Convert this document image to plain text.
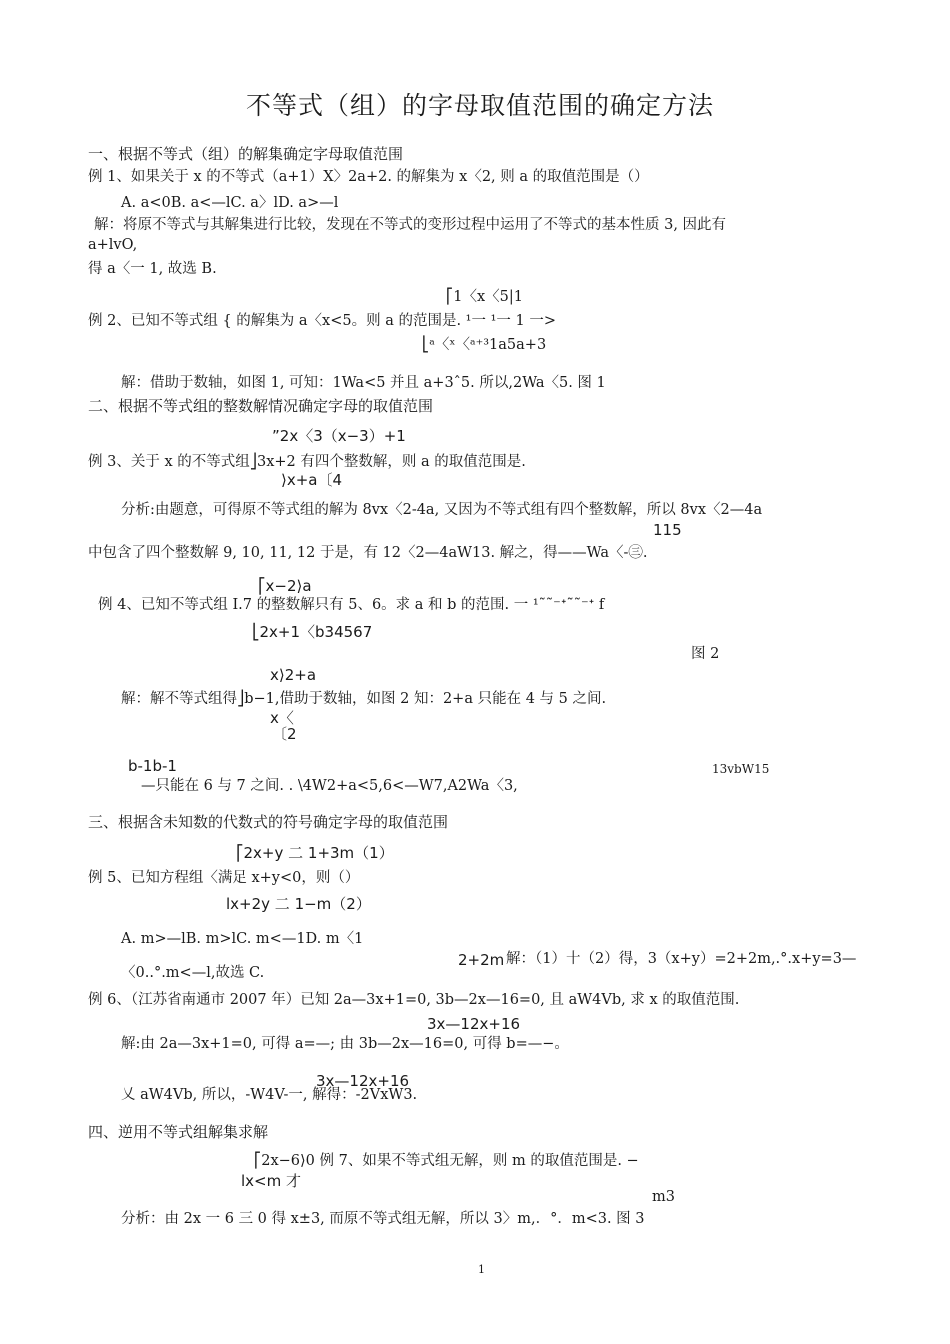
不等式（组）的字母取值范围的确定方法
一、根据不等式（组）的解集确定字母取值范围
例 1、如果关于 x 的不等式（a+1）X〉2a+2. 的解集为 x〈2, 则 a 的取值范围是（）
A. a<0B. a<—lC. a〉lD. a>—l
解：将原不等式与其解集进行比较，发现在不等式的变形过程中运用了不等式的基本性质 3, 因此有
a+lvO,
得 a〈一 1, 故选 B.
⎡1〈x〈5|1
例 2、已知不等式组 { 的解集为 a〈x<5。则 a 的范围是. ¹一 ¹一 1 一>
⎣ᵃ〈ˣ〈ᵃ⁺³1a5a+3
解：借助于数轴，如图 1, 可知：1Wa<5 并且 a+3ˆ5. 所以,2Wa〈5. 图 1
二、根据不等式组的整数解情况确定字母的取值范围
”2x〈3（x−3）+1
例 3、关于 x 的不等式组⎦3x+2 有四个整数解，则 a 的取值范围是.
⟩x+a〔4
分析:由题意，可得原不等式组的解为 8vx〈2-4a, 又因为不等式组有四个整数解，所以 8vx〈2—4a
115
中包含了四个整数解 9, 10, 11, 12 于是，有 12〈2—4aW13. 解之，得——Wa〈-㊂.
⎡x−2⟩a
例 4、已知不等式组 I.7 的整数解只有 5、6。求 a 和 b 的范围. 一 ¹˜˜⁻ᐩ˜˜⁻ᐩ f
⎣2x+1〈b34567
图 2
x⟩2+a
解：解不等式组得⎦b−1,借助于数轴，如图 2 知：2+a 只能在 4 与 5 之间.
x〈
〔2
b-1b-1
—只能在 6 与 7 之间. . \4W2+a<5,6<—W7,A2Wa〈3,
13vbW15
三、根据含未知数的代数式的符号确定字母的取值范围
⎡2x+y 二 1+3m（1）
例 5、已知方程组〈满足 x+y<0，则（）
lx+2y 二 1−m（2）
A. m>—lB. m>lC. m<—1D. m〈1
2+2m 解：（1）十（2）得，3（x+y）=2+2m,.°.x+y=3—
〈0..°.m<—l,故选 C.
例 6、（江苏省南通市 2007 年）已知 2a—3x+1=0, 3b—2x—16=0, 且 aW4Vb, 求 x 的取值范围.
3x—12x+16
解:由 2a—3x+1=0, 可得 a=—; 由 3b—2x—16=0, 可得 b=—−。
3x—12x+16
乂 aW4Vb, 所以，-W4V-一, 解得：-2VxW3.
四、逆用不等式组解集求解
⎡2x−6⟩0 例 7、如果不等式组无解，则 m 的取值范围是. −
lx<m 才
m3
分析：由 2x 一 6 三 0 得 x±3, 而原不等式组无解，所以 3〉m,．°．m<3. 图 3
1
